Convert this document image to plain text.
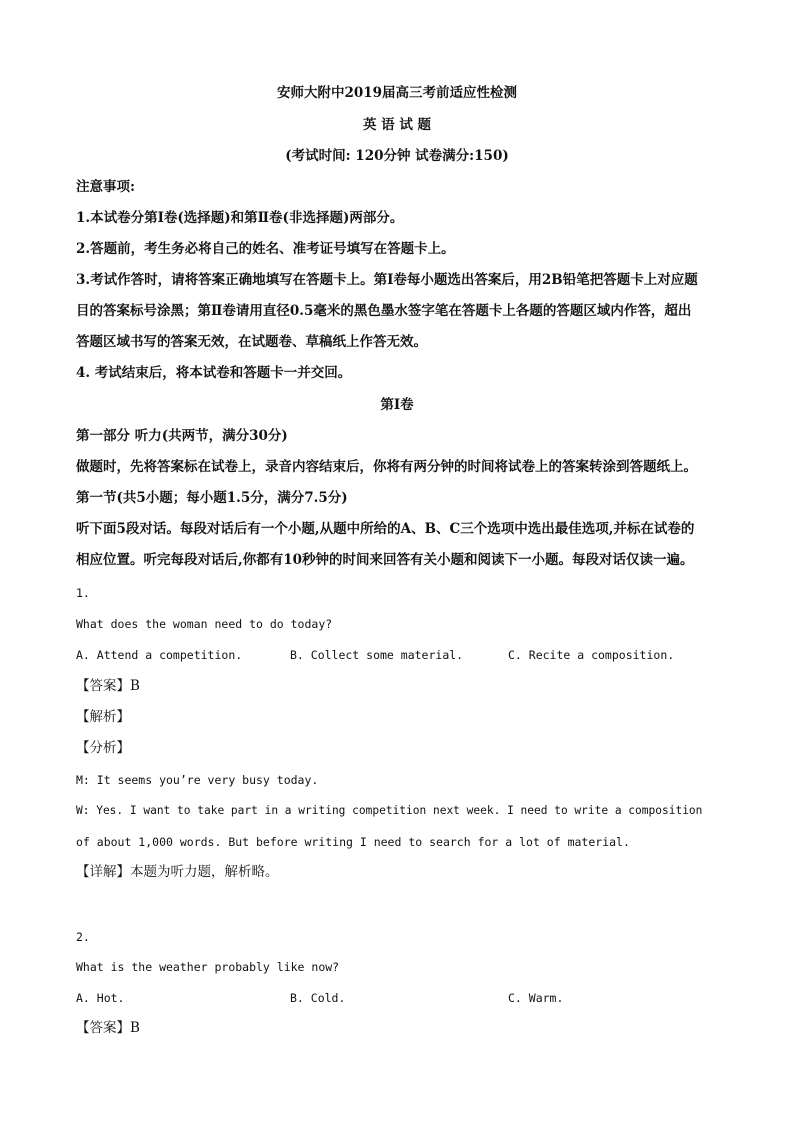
安师大附中2019届高三考前适应性检测
英 语 试 题
(考试时间: 120分钟 试卷满分:150)
注意事项:
1.本试卷分第Ⅰ卷(选择题)和第Ⅱ卷(非选择题)两部分。
2.答题前，考生务必将自己的姓名、准考证号填写在答题卡上。
3.考试作答时，请将答案正确地填写在答题卡上。第Ⅰ卷每小题选出答案后，用2B铅笔把答题卡上对应题
目的答案标号涂黑；第Ⅱ卷请用直径0.5毫米的黑色墨水签字笔在答题卡上各题的答题区域内作答，超出
答题区域书写的答案无效，在试题卷、草稿纸上作答无效。
4. 考试结束后，将本试卷和答题卡一并交回。
第Ⅰ卷
第一部分 听力(共两节，满分30分)
做题时，先将答案标在试卷上，录音内容结束后，你将有两分钟的时间将试卷上的答案转涂到答题纸上。
第一节(共5小题；每小题1.5分，满分7.5分)
听下面5段对话。每段对话后有一个小题,从题中所给的A、B、C三个选项中选出最佳选项,并标在试卷的
相应位置。听完每段对话后,你都有10秒钟的时间来回答有关小题和阅读下一小题。每段对话仅读一遍。
1.
What does the woman need to do today?
A. Attend a competition.	B. Collect some material.	C. Recite a composition.
【答案】B
【解析】
【分析】
M: It seems you’re very busy today.
W: Yes. I want to take part in a writing competition next week. I need to write a composition
of about 1,000 words. But before writing I need to search for a lot of material.
【详解】本题为听力题，解析略。
2.
What is the weather probably like now?
A. Hot.	B. Cold.	C. Warm.
【答案】B
